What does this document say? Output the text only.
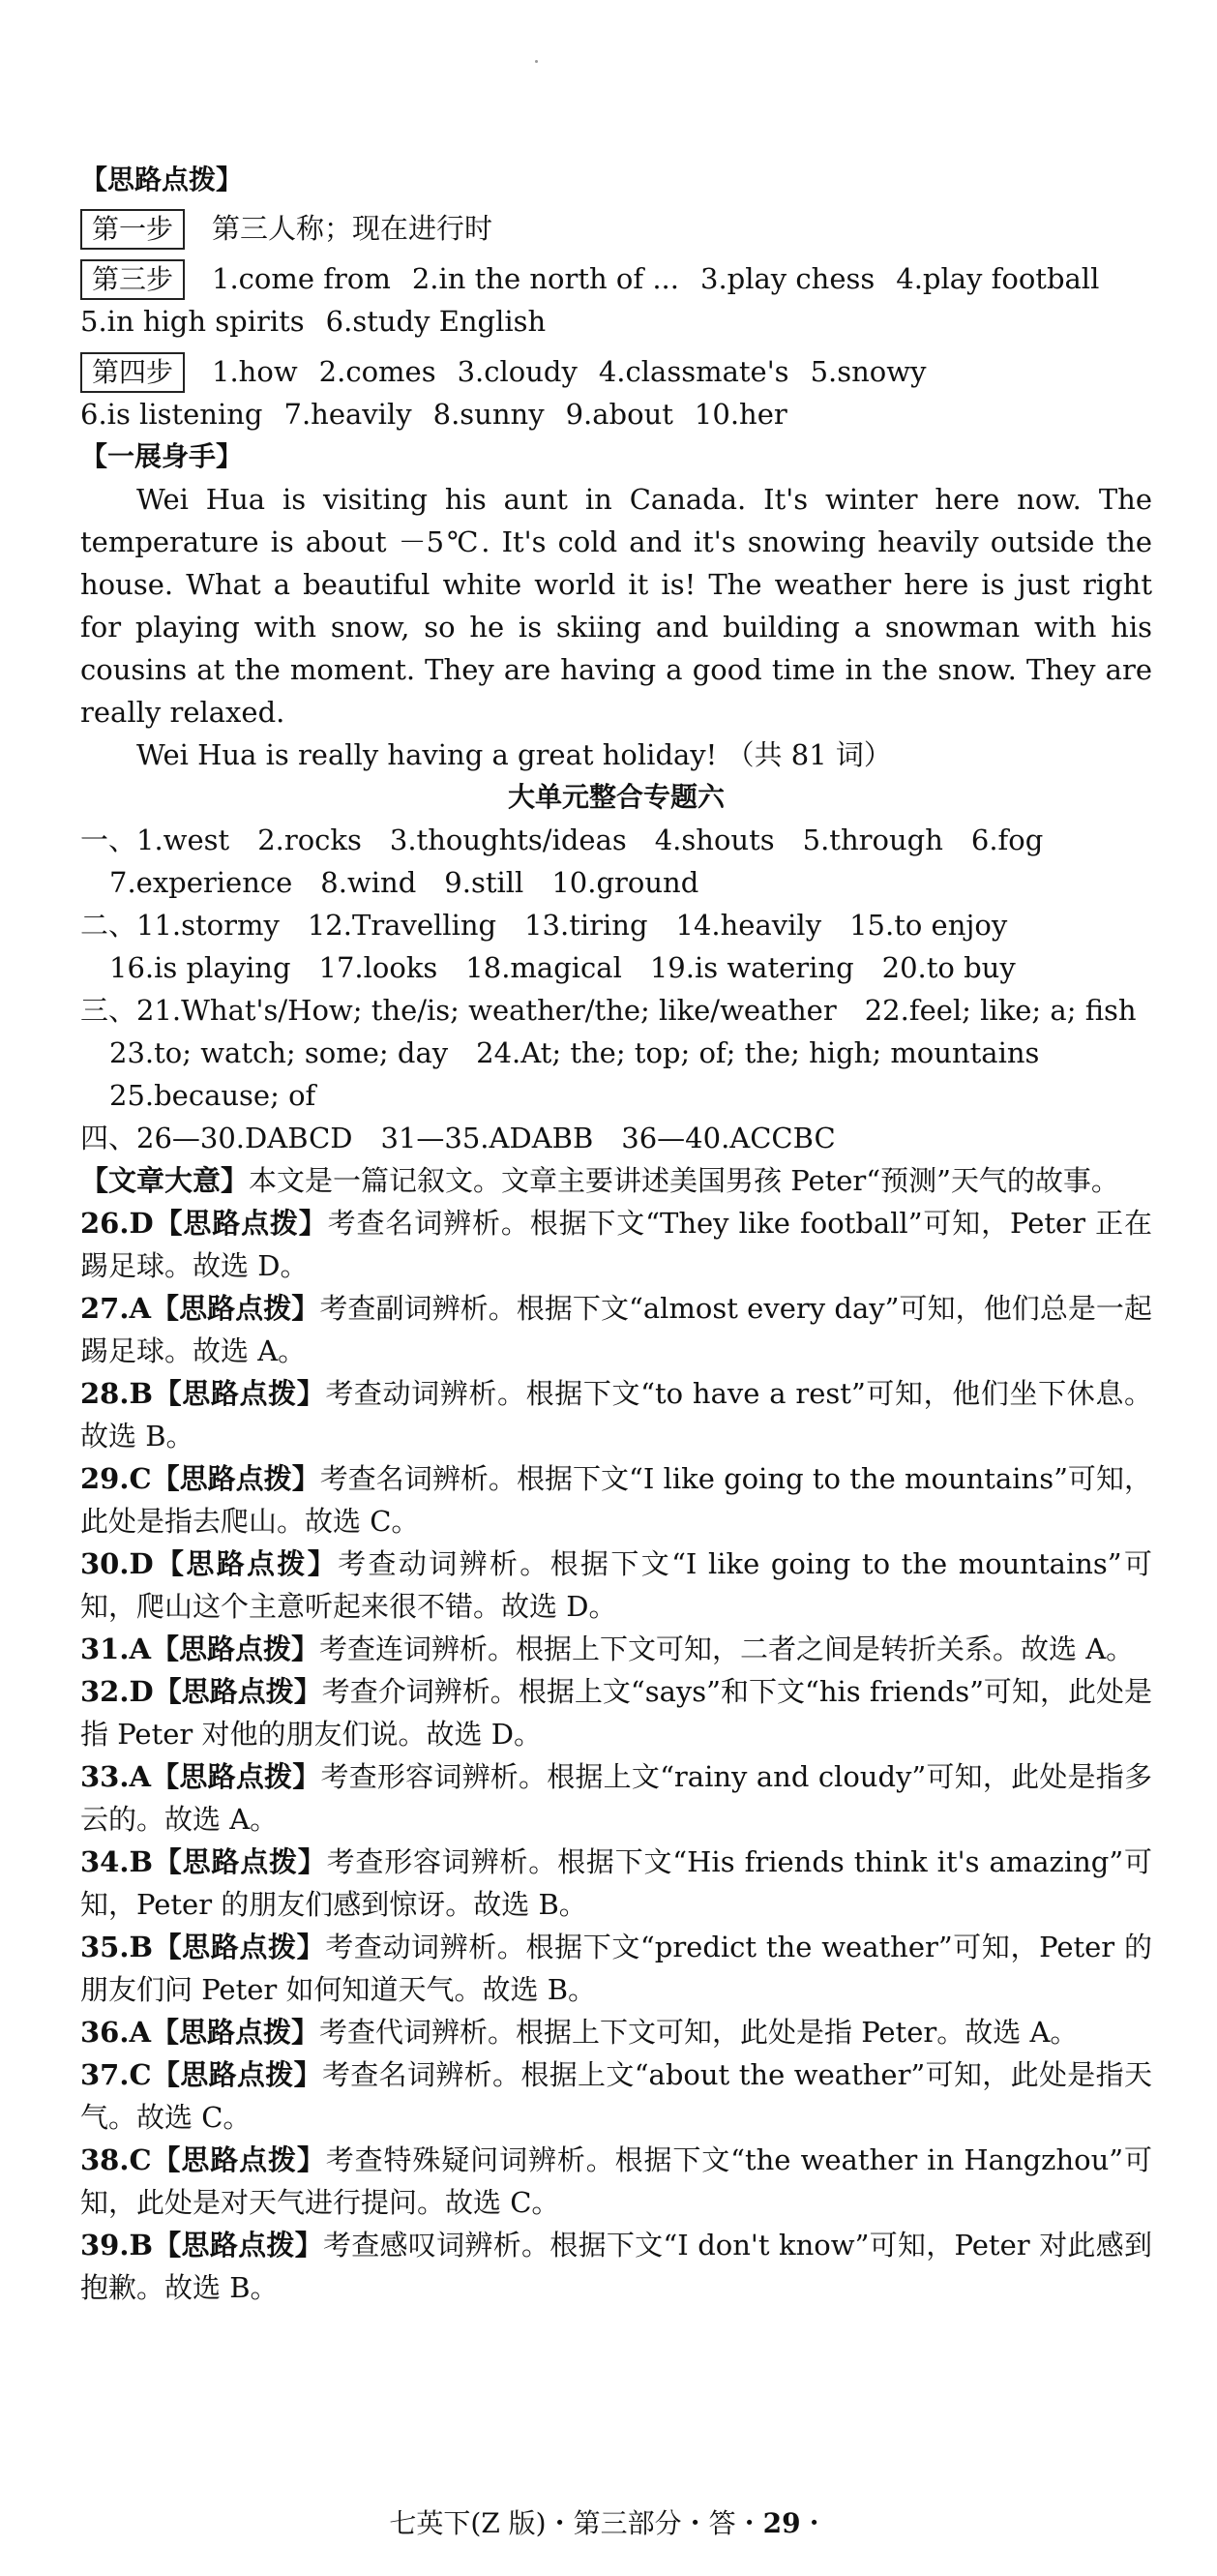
【思路点拨】
第一步 第三人称；现在进行时
第三步 1.come from 2.in the north of ... 3.play chess 4.play football
5.in high spirits 6.study English
第四步 1.how 2.comes 3.cloudy 4.classmate's 5.snowy
6.is listening 7.heavily 8.sunny 9.about 10.her
【一展身手】

Wei Hua is visiting his aunt in Canada. It's winter here now. The temperature is about －5℃. It's cold and it's snowing heavily outside the house. What a beautiful white world it is! The weather here is just right for playing with snow, so he is skiing and building a snowman with his cousins at the moment. They are having a good time in the snow. They are really relaxed.

Wei Hua is really having a great holiday! （共 81 词）

大单元整合专题六
一、1.west　2.rocks　3.thoughts/ideas　4.shouts　5.through　6.fog
7.experience　8.wind　9.still　10.ground
二、11.stormy　12.Travelling　13.tiring　14.heavily　15.to enjoy
16.is playing　17.looks　18.magical　19.is watering　20.to buy
三、21.What's/How; the/is; weather/the; like/weather　22.feel; like; a; fish
23.to; watch; some; day　24.At; the; top; of; the; high; mountains
25.because; of
四、26—30.DABCD　31—35.ADABB　36—40.ACCBC

【文章大意】本文是一篇记叙文。文章主要讲述美国男孩 Peter“预测”天气的故事。

26.D【思路点拨】考查名词辨析。根据下文“They like football”可知，Peter 正在踢足球。故选 D。

27.A【思路点拨】考查副词辨析。根据下文“almost every day”可知，他们总是一起踢足球。故选 A。

28.B【思路点拨】考查动词辨析。根据下文“to have a rest”可知，他们坐下休息。故选 B。

29.C【思路点拨】考查名词辨析。根据下文“I like going to the mountains”可知，此处是指去爬山。故选 C。

30.D【思路点拨】考查动词辨析。根据下文“I like going to the mountains”可知，爬山这个主意听起来很不错。故选 D。

31.A【思路点拨】考查连词辨析。根据上下文可知，二者之间是转折关系。故选 A。

32.D【思路点拨】考查介词辨析。根据上文“says”和下文“his friends”可知，此处是指 Peter 对他的朋友们说。故选 D。

33.A【思路点拨】考查形容词辨析。根据上文“rainy and cloudy”可知，此处是指多云的。故选 A。

34.B【思路点拨】考查形容词辨析。根据下文“His friends think it's amazing”可知，Peter 的朋友们感到惊讶。故选 B。

35.B【思路点拨】考查动词辨析。根据下文“predict the weather”可知，Peter 的朋友们问 Peter 如何知道天气。故选 B。

36.A【思路点拨】考查代词辨析。根据上下文可知，此处是指 Peter。故选 A。

37.C【思路点拨】考查名词辨析。根据上文“about the weather”可知，此处是指天气。故选 C。

38.C【思路点拨】考查特殊疑问词辨析。根据下文“the weather in Hangzhou”可知，此处是对天气进行提问。故选 C。

39.B【思路点拨】考查感叹词辨析。根据下文“I don't know”可知，Peter 对此感到抱歉。故选 B。

七英下(Z 版)・第三部分・答・29・
